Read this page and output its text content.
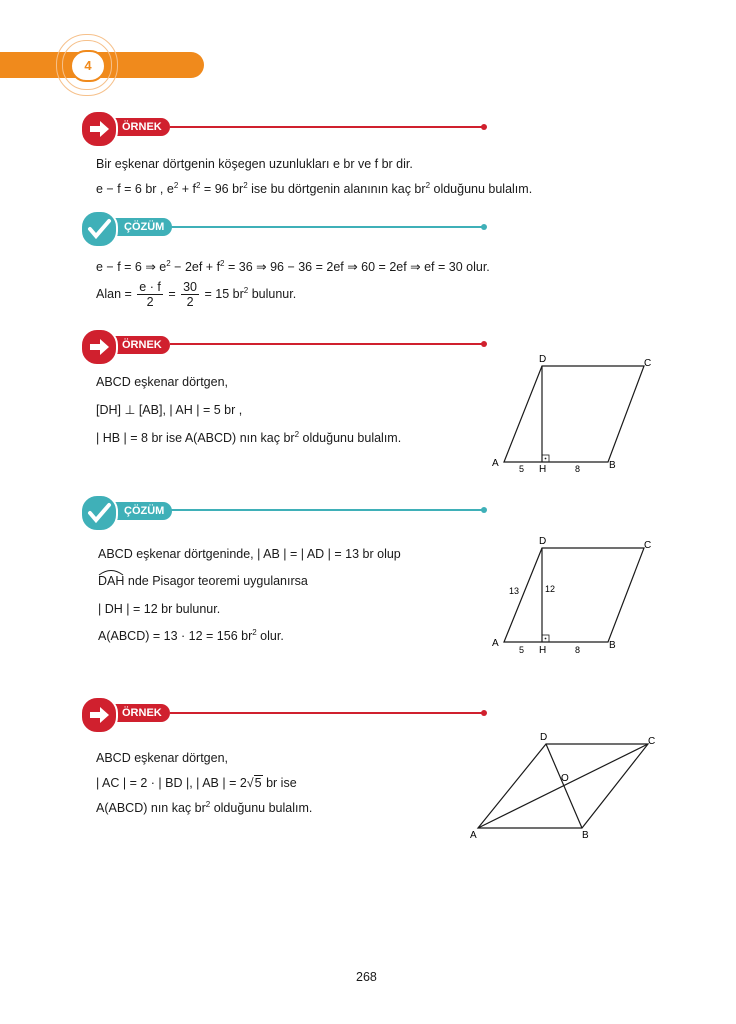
4
ÖRNEK
Bir eşkenar dörtgenin köşegen uzunlukları e br ve f br dir.
e − f = 6 br , $e^2 + f^2 = 96$ $br^2$ ise bu dörtgenin alanının kaç $br^2$ olduğunu bulalım.
ÇÖZÜM
e − f = 6 ⇒ $e^2 - 2ef + f^2 = 36$ ⇒ 96 − 36 = 2ef ⇒ 60 = 2ef ⇒ ef = 30 olur.
Alan = $\frac{e \cdot f}{2} = \frac{30}{2} = 15$ $br^2$ bulunur.
ÖRNEK
ABCD eşkenar dörtgen,
[DH] ⊥ [AB], | AH | = 5 br ,
| HB | = 8 br ise A(ABCD) nın kaç $br^2$ olduğunu bulalım.
A	B
C
D
H
5	8
ÇÖZÜM
ABCD eşkenar dörtgeninde, | AB | = | AD | = 13 br olup
DAH nde Pisagor teoremi uygulanırsa
| DH | = 12 br bulunur.
A(ABCD) = 13 · 12 = 156 $br^2$ olur.
A	B
C
D
H
5	8
13	12
ÖRNEK
ABCD eşkenar dörtgen,
| AC | = 2 · | BD |, | AB | = 2√5 br ise
A(ABCD) nın kaç $br^2$ olduğunu bulalım.
A	B
C
D
O
268
